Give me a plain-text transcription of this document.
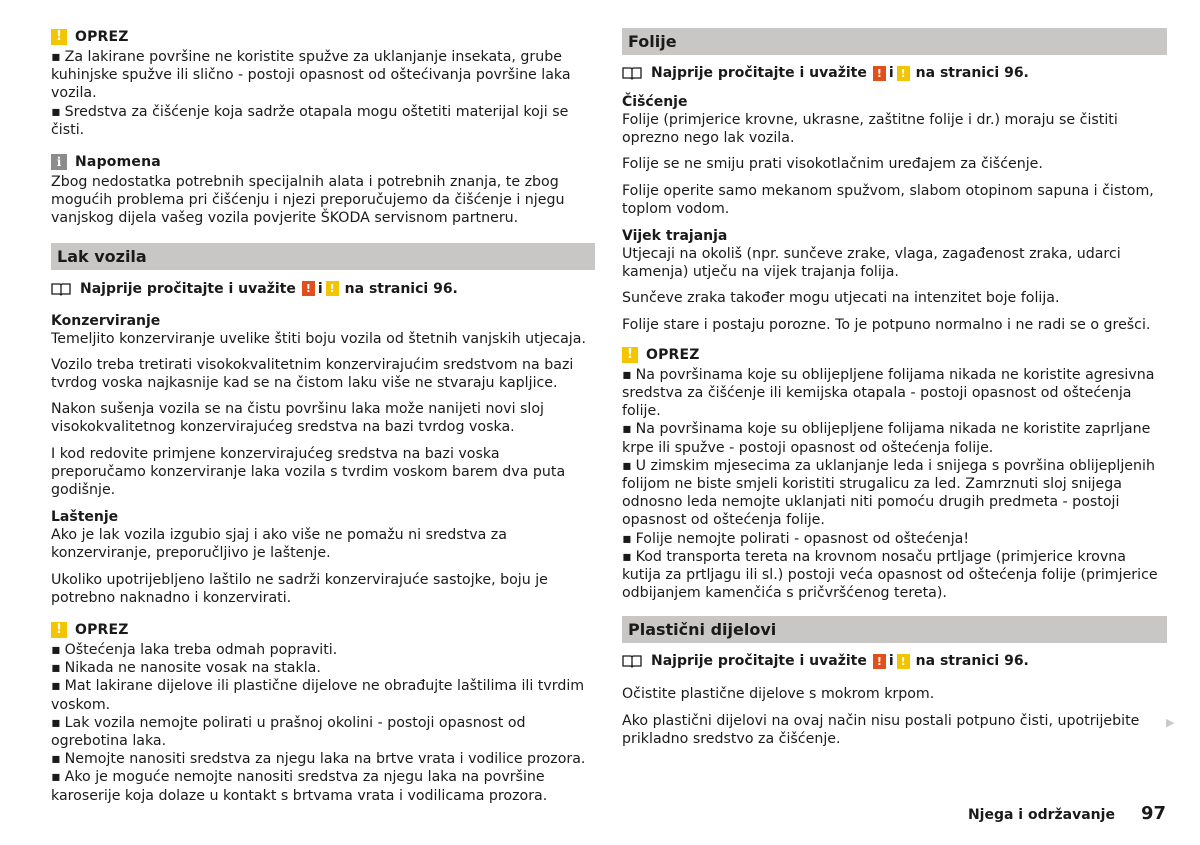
! OPREZ

▪ Za lakirane površine ne koristite spužve za uklanjanje insekata, grube kuhinjske spužve ili slično - postoji opasnost od oštećivanja površine laka vozila.

▪ Sredstva za čišćenje koja sadrže otapala mogu oštetiti materijal koji se čisti.

i Napomena

Zbog nedostatka potrebnih specijalnih alata i potrebnih znanja, te zbog mogućih problema pri čišćenju i njezi preporučujemo da čišćenje i njegu vanjskog dijela vašeg vozila povjerite ŠKODA servisnom partneru.

Lak vozila
Najprije pročitajte i uvažite ! i ! na stranici 96.

Konzerviranje

Temeljito konzerviranje uvelike štiti boju vozila od štetnih vanjskih utjecaja.

Vozilo treba tretirati visokokvalitetnim konzervirajućim sredstvom na bazi tvrdog voska najkasnije kad se na čistom laku više ne stvaraju kapljice.

Nakon sušenja vozila se na čistu površinu laka može nanijeti novi sloj visokokvalitetnog konzervirajućeg sredstva na bazi tvrdog voska.

I kod redovite primjene konzervirajućeg sredstva na bazi voska preporučamo konzerviranje laka vozila s tvrdim voskom barem dva puta godišnje.

Laštenje

Ako je lak vozila izgubio sjaj i ako više ne pomažu ni sredstva za konzerviranje, preporučljivo je laštenje.

Ukoliko upotrijebljeno laštilo ne sadrži konzervirajuće sastojke, boju je potrebno naknadno i konzervirati.

! OPREZ

▪ Oštećenja laka treba odmah popraviti.

▪ Nikada ne nanosite vosak na stakla.

▪ Mat lakirane dijelove ili plastične dijelove ne obrađujte laštilima ili tvrdim voskom.

▪ Lak vozila nemojte polirati u prašnoj okolini - postoji opasnost od ogrebotina laka.

▪ Nemojte nanositi sredstva za njegu laka na brtve vrata i vodilice prozora.

▪ Ako je moguće nemojte nanositi sredstva za njegu laka na površine karoserije koja dolaze u kontakt s brtvama vrata i vodilicama prozora.

Folije
Najprije pročitajte i uvažite ! i ! na stranici 96.

Čišćenje

Folije (primjerice krovne, ukrasne, zaštitne folije i dr.) moraju se čistiti oprezno nego lak vozila.

Folije se ne smiju prati visokotlačnim uređajem za čišćenje.

Folije operite samo mekanom spužvom, slabom otopinom sapuna i čistom, toplom vodom.

Vijek trajanja

Utjecaji na okoliš (npr. sunčeve zrake, vlaga, zagađenost zraka, udarci kamenja) utječu na vijek trajanja folija.

Sunčeve zraka također mogu utjecati na intenzitet boje folija.

Folije stare i postaju porozne. To je potpuno normalno i ne radi se o grešci.

! OPREZ

▪ Na površinama koje su oblijepljene folijama nikada ne koristite agresivna sredstva za čišćenje ili kemijska otapala - postoji opasnost od oštećenja folije.

▪ Na površinama koje su oblijepljene folijama nikada ne koristite zaprljane krpe ili spužve - postoji opasnost od oštećenja folije.

▪ U zimskim mjesecima za uklanjanje leda i snijega s površina oblijepljenih folijom ne biste smjeli koristiti strugalicu za led. Zamrznuti sloj snijega odnosno leda nemojte uklanjati niti pomoću drugih predmeta - postoji opasnost od oštećenja folije.

▪ Folije nemojte polirati - opasnost od oštećenja!

▪ Kod transporta tereta na krovnom nosaču prtljage (primjerice krovna kutija za prtljagu ili sl.) postoji veća opasnost od oštećenja folije (primjerice odbijanjem kamenčića s pričvršćenog tereta).

Plastični dijelovi
Najprije pročitajte i uvažite ! i ! na stranici 96.

Očistite plastične dijelove s mokrom krpom.

Ako plastični dijelovi na ovaj način nisu postali potpuno čisti, upotrijebite prikladno sredstvo za čišćenje.

▶
Njega i održavanje 97
